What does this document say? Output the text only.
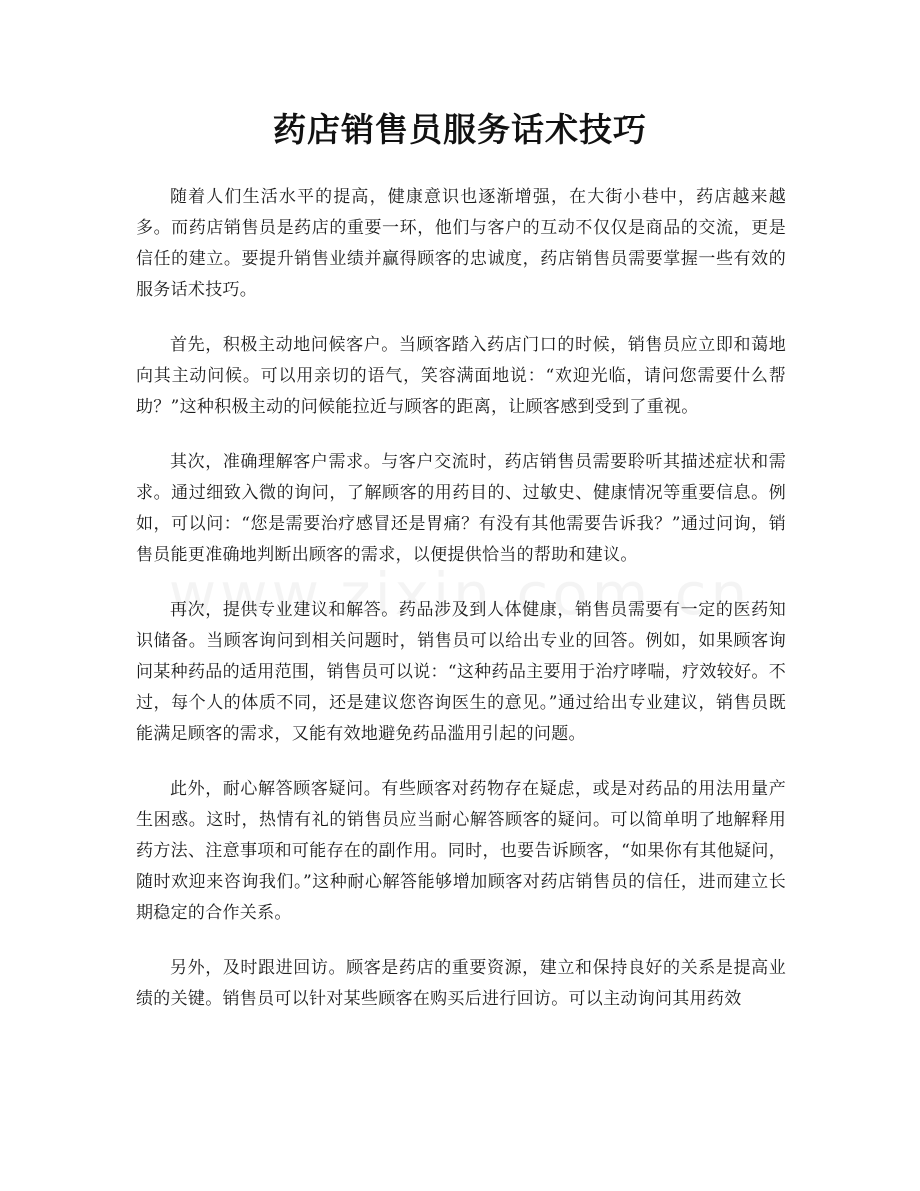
药店销售员服务话术技巧

随着人们生活水平的提高，健康意识也逐渐增强，在大街小巷中，药店越来越多。而药店销售员是药店的重要一环，他们与客户的互动不仅仅是商品的交流，更是信任的建立。要提升销售业绩并赢得顾客的忠诚度，药店销售员需要掌握一些有效的服务话术技巧。

首先，积极主动地问候客户。当顾客踏入药店门口的时候，销售员应立即和蔼地向其主动问候。可以用亲切的语气，笑容满面地说：“欢迎光临，请问您需要什么帮助？”这种积极主动的问候能拉近与顾客的距离，让顾客感到受到了重视。

其次，准确理解客户需求。与客户交流时，药店销售员需要聆听其描述症状和需求。通过细致入微的询问，了解顾客的用药目的、过敏史、健康情况等重要信息。例如，可以问：“您是需要治疗感冒还是胃痛？有没有其他需要告诉我？”通过问询，销售员能更准确地判断出顾客的需求，以便提供恰当的帮助和建议。

再次，提供专业建议和解答。药品涉及到人体健康，销售员需要有一定的医药知识储备。当顾客询问到相关问题时，销售员可以给出专业的回答。例如，如果顾客询问某种药品的适用范围，销售员可以说：“这种药品主要用于治疗哮喘，疗效较好。不过，每个人的体质不同，还是建议您咨询医生的意见。”通过给出专业建议，销售员既能满足顾客的需求，又能有效地避免药品滥用引起的问题。

此外，耐心解答顾客疑问。有些顾客对药物存在疑虑，或是对药品的用法用量产生困惑。这时，热情有礼的销售员应当耐心解答顾客的疑问。可以简单明了地解释用药方法、注意事项和可能存在的副作用。同时，也要告诉顾客，“如果你有其他疑问，随时欢迎来咨询我们。”这种耐心解答能够增加顾客对药店销售员的信任，进而建立长期稳定的合作关系。

另外，及时跟进回访。顾客是药店的重要资源，建立和保持良好的关系是提高业绩的关键。销售员可以针对某些顾客在购买后进行回访。可以主动询问其用药效
